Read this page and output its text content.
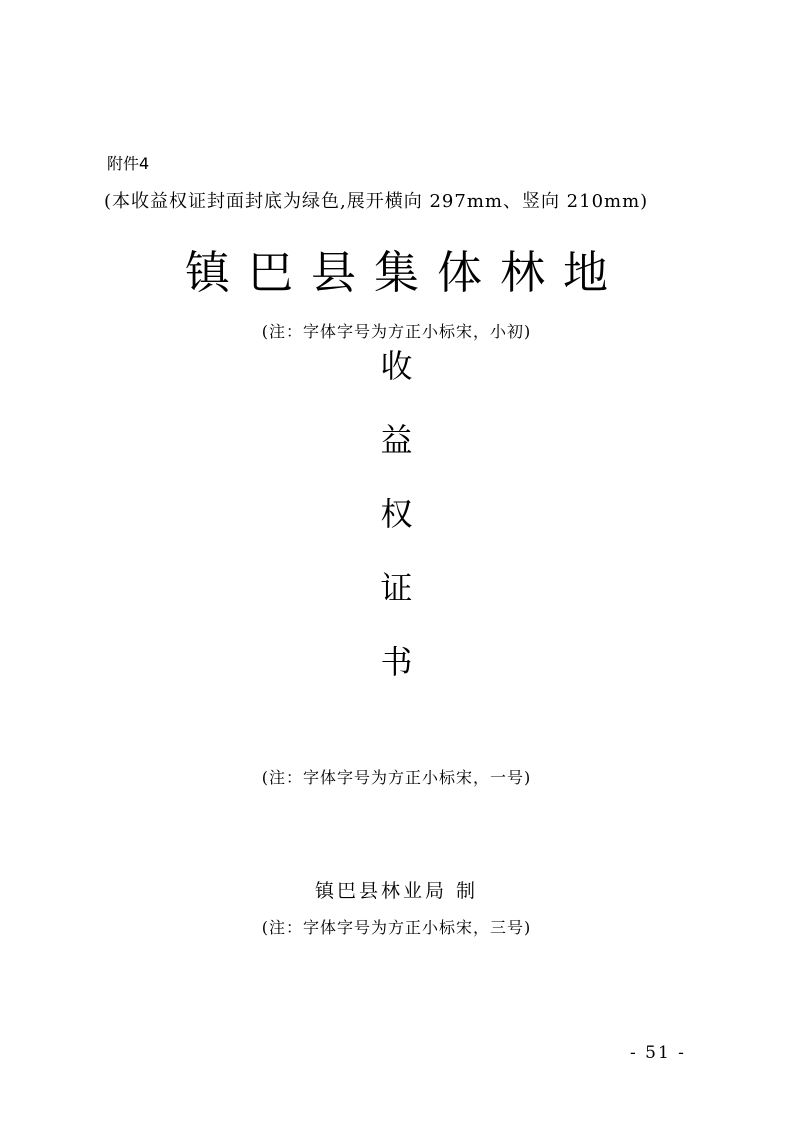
附件4
(本收益权证封面封底为绿色,展开横向 297mm、竖向 210mm)
镇巴县集体林地
(注：字体字号为方正小标宋，小初)
收
益
权
证
书
(注：字体字号为方正小标宋，一号)
镇巴县林业局 制
(注：字体字号为方正小标宋，三号)
- 51 -
